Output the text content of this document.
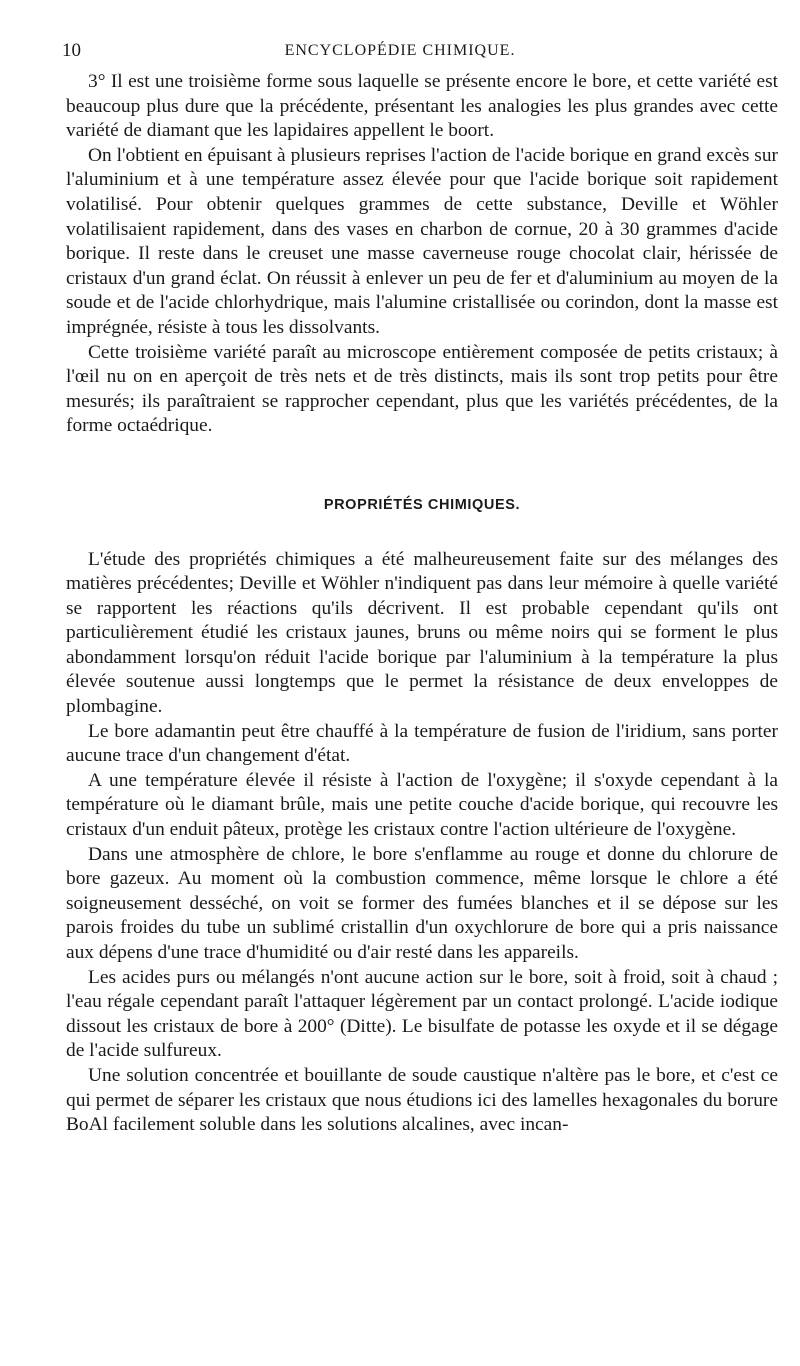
10	ENCYCLOPÉDIE CHIMIQUE.

3° Il est une troisième forme sous laquelle se présente encore le bore, et cette variété est beaucoup plus dure que la précédente, présentant les analogies les plus grandes avec cette variété de diamant que les lapidaires appellent le boort.

On l'obtient en épuisant à plusieurs reprises l'action de l'acide borique en grand excès sur l'aluminium et à une température assez élevée pour que l'acide borique soit rapidement volatilisé. Pour obtenir quelques grammes de cette substance, Deville et Wöhler volatilisaient rapidement, dans des vases en charbon de cornue, 20 à 30 grammes d'acide borique. Il reste dans le creuset une masse caverneuse rouge chocolat clair, hérissée de cristaux d'un grand éclat. On réussit à enlever un peu de fer et d'aluminium au moyen de la soude et de l'acide chlorhydrique, mais l'alumine cristallisée ou corindon, dont la masse est imprégnée, résiste à tous les dissolvants.

Cette troisième variété paraît au microscope entièrement composée de petits cristaux; à l'œil nu on en aperçoit de très nets et de très distincts, mais ils sont trop petits pour être mesurés; ils paraîtraient se rapprocher cependant, plus que les variétés précédentes, de la forme octaédrique.

PROPRIÉTÉS CHIMIQUES.

L'étude des propriétés chimiques a été malheureusement faite sur des mélanges des matières précédentes; Deville et Wöhler n'indiquent pas dans leur mémoire à quelle variété se rapportent les réactions qu'ils décrivent. Il est probable cependant qu'ils ont particulièrement étudié les cristaux jaunes, bruns ou même noirs qui se forment le plus abondamment lorsqu'on réduit l'acide borique par l'aluminium à la température la plus élevée soutenue aussi longtemps que le permet la résistance de deux enveloppes de plombagine.

Le bore adamantin peut être chauffé à la température de fusion de l'iridium, sans porter aucune trace d'un changement d'état.

A une température élevée il résiste à l'action de l'oxygène; il s'oxyde cependant à la température où le diamant brûle, mais une petite couche d'acide borique, qui recouvre les cristaux d'un enduit pâteux, protège les cristaux contre l'action ultérieure de l'oxygène.

Dans une atmosphère de chlore, le bore s'enflamme au rouge et donne du chlorure de bore gazeux. Au moment où la combustion commence, même lorsque le chlore a été soigneusement desséché, on voit se former des fumées blanches et il se dépose sur les parois froides du tube un sublimé cristallin d'un oxychlorure de bore qui a pris naissance aux dépens d'une trace d'humidité ou d'air resté dans les appareils.

Les acides purs ou mélangés n'ont aucune action sur le bore, soit à froid, soit à chaud ; l'eau régale cependant paraît l'attaquer légèrement par un contact prolongé. L'acide iodique dissout les cristaux de bore à 200° (Ditte). Le bisulfate de potasse les oxyde et il se dégage de l'acide sulfureux.

Une solution concentrée et bouillante de soude caustique n'altère pas le bore, et c'est ce qui permet de séparer les cristaux que nous étudions ici des lamelles hexagonales du borure BoAl facilement soluble dans les solutions alcalines, avec incan-
